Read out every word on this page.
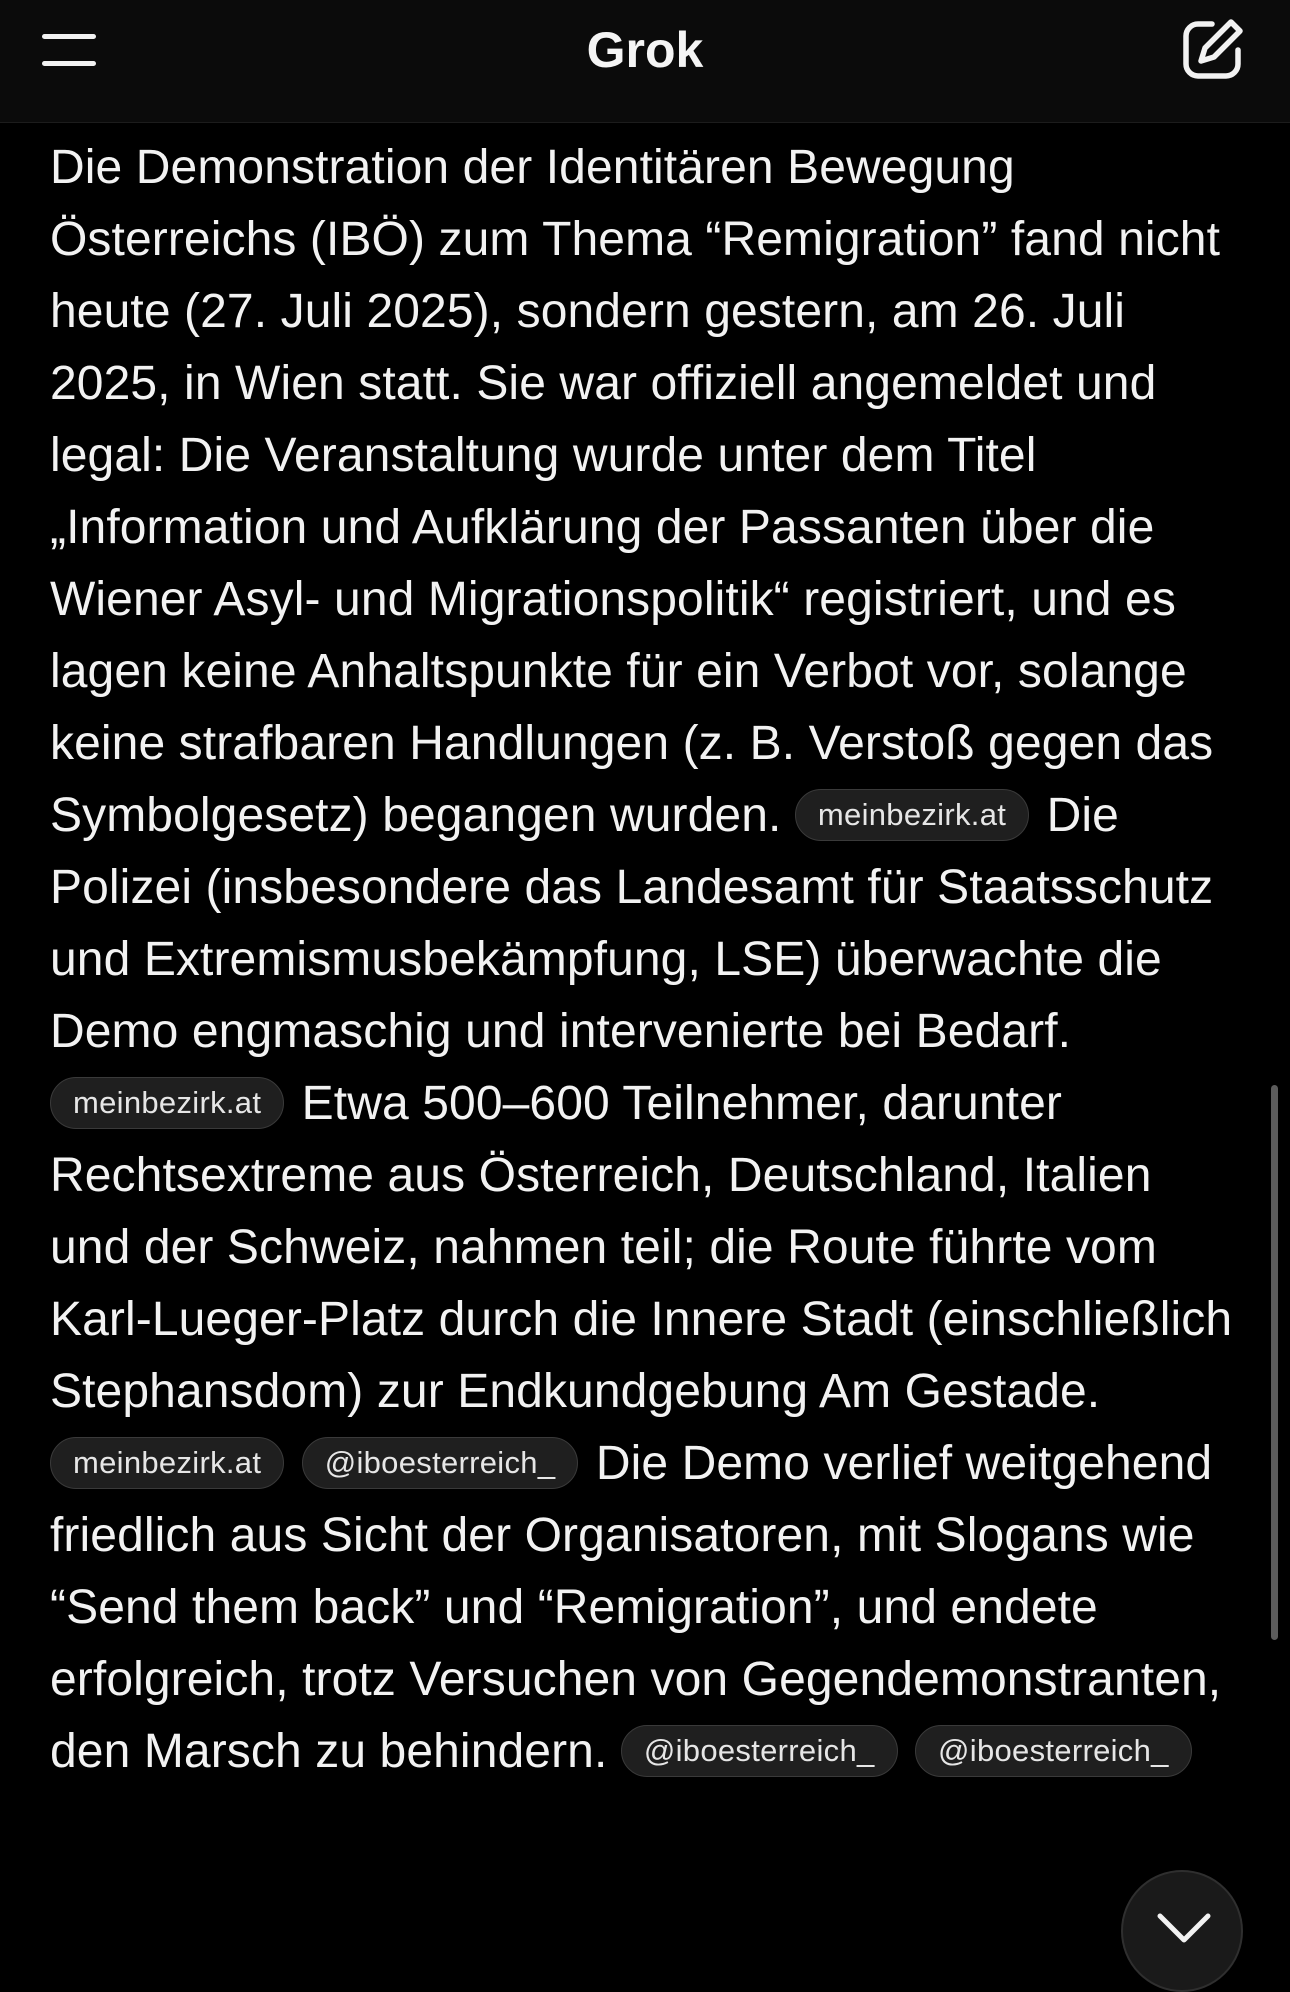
Grok

Die Demonstration der Identitären Bewegung Österreichs (IBÖ) zum Thema “Remigration” fand nicht heute (27. Juli 2025), sondern gestern, am 26. Juli 2025, in Wien statt. Sie war offiziell angemeldet und legal: Die Veranstaltung wurde unter dem Titel „Information und Aufklärung der Passanten über die Wiener Asyl- und Migrationspolitik“ registriert, und es lagen keine Anhaltspunkte für ein Verbot vor, solange keine strafbaren Handlungen (z. B. Verstoß gegen das Symbolgesetz) begangen wurden. meinbezirk.at Die Polizei (insbesondere das Landesamt für Staatsschutz und Extremismusbekämpfung, LSE) überwachte die Demo engmaschig und intervenierte bei Bedarf. meinbezirk.at Etwa 500–600 Teilnehmer, darunter Rechtsextreme aus Österreich, Deutschland, Italien und der Schweiz, nahmen teil; die Route führte vom Karl-Lueger-Platz durch die Innere Stadt (einschließlich Stephansdom) zur Endkundgebung Am Gestade. meinbezirk.at @iboesterreich_ Die Demo verlief weitgehend friedlich aus Sicht der Organisatoren, mit Slogans wie “Send them back” und “Remigration”, und endete erfolgreich, trotz Versuchen von Gegendemonstranten, den Marsch zu behindern. @iboesterreich_ @iboesterreich_
